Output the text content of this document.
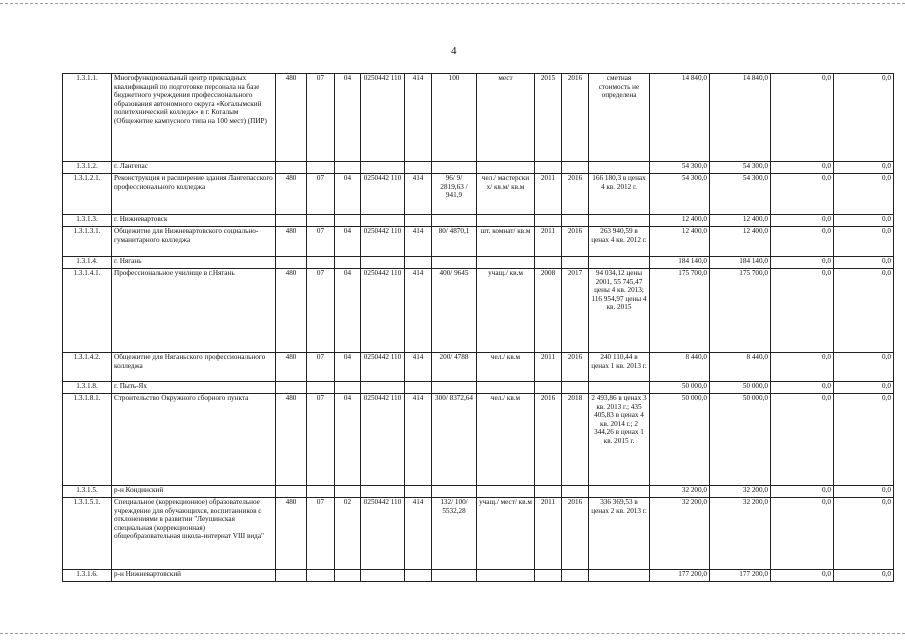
4
1.3.1.1.	Многофункциональный центр прикладных квалификаций по подготовке персонала на базе бюджетного учреждения профессионального образования автономного округа «Когалымский политехнический колледж» в г. Когалым (Общежитие кампусного типа на 100 мест) (ПИР)	480	07	04	0250442 110	414	100	мест	2015	2016	сметная стоимость не определена	14 840,0	14 840,0	0,0	0,0
1.3.1.2.	г. Лангепас											54 300,0	54 300,0	0,0	0,0
1.3.1.2.1.	Реконструкция и расширение здания Лангепасского профессионального колледжа	480	07	04	0250442 110	414	96/ 9/ 2819,63 / 941,9	чел./ мастерски х/ кв.м/ кв.м	2011	2016	166 180,3 в ценах 4 кв. 2012 г.	54 300,0	54 300,0	0,0	0,0
1.3.1.3.	г. Нижневартовск											12 400,0	12 400,0	0,0	0,0
1.3.1.3.1.	Общежитие для Нижневартовского социально-гуманитарного колледжа	480	07	04	0250442 110	414	80/ 4870,1	шт. комнат/ кв.м	2011	2016	263 940,59 в ценах 4 кв. 2012 г.	12 400,0	12 400,0	0,0	0,0
1.3.1.4.	г. Нягань											184 140,0	184 140,0	0,0	0,0
1.3.1.4.1.	Профессиональное училище в г.Нягань	480	07	04	0250442 110	414	400/ 9645	учащ./ кв.м	2008	2017	94 034,12 цены 2001, 55 745,47 цены 4 кв. 2013; 116 954,97 цены 4 кв. 2015	175 700,0	175 700,0	0,0	0,0
1.3.1.4.2.	Общежитие для Няганьского профессионального колледжа	480	07	04	0250442 110	414	200/ 4788	чел./ кв.м	2011	2016	240 110,44 в ценах 1 кв. 2013 г.	8 440,0	8 440,0	0,0	0,0
1.3.1.8.	г. Пыть-Ях											50 000,0	50 000,0	0,0	0,0
1.3.1.8.1.	Строительство Окружного сборного пункта	480	07	04	0250442 110	414	300/ 8372,64	чел./ кв.м	2016	2018	2 493,86 в ценах 3 кв. 2013 г.; 435 405,83 в ценах 4 кв. 2014 г.; 2 344,26 в ценах 1 кв. 2015 г.	50 000,0	50 000,0	0,0	0,0
1.3.1.5.	р-н Кондинский											32 200,0	32 200,0	0,0	0,0
1.3.1.5.1.	Специальное (коррекционное) образовательное учреждение для обучающихся, воспитанников с отклонениями в развитии "Леушинская специальная (коррекционная) общеобразовательная школа-интернат VIII вида"	480	07	02	0250442 110	414	132/ 100/ 5532,28	учащ./ мест/ кв.м	2011	2016	336 369,53 в ценах 2 кв. 2013 г.	32 200,0	32 200,0	0,0	0,0
1.3.1.6.	р-н Нижневартовский											177 200,0	177 200,0	0,0	0,0
